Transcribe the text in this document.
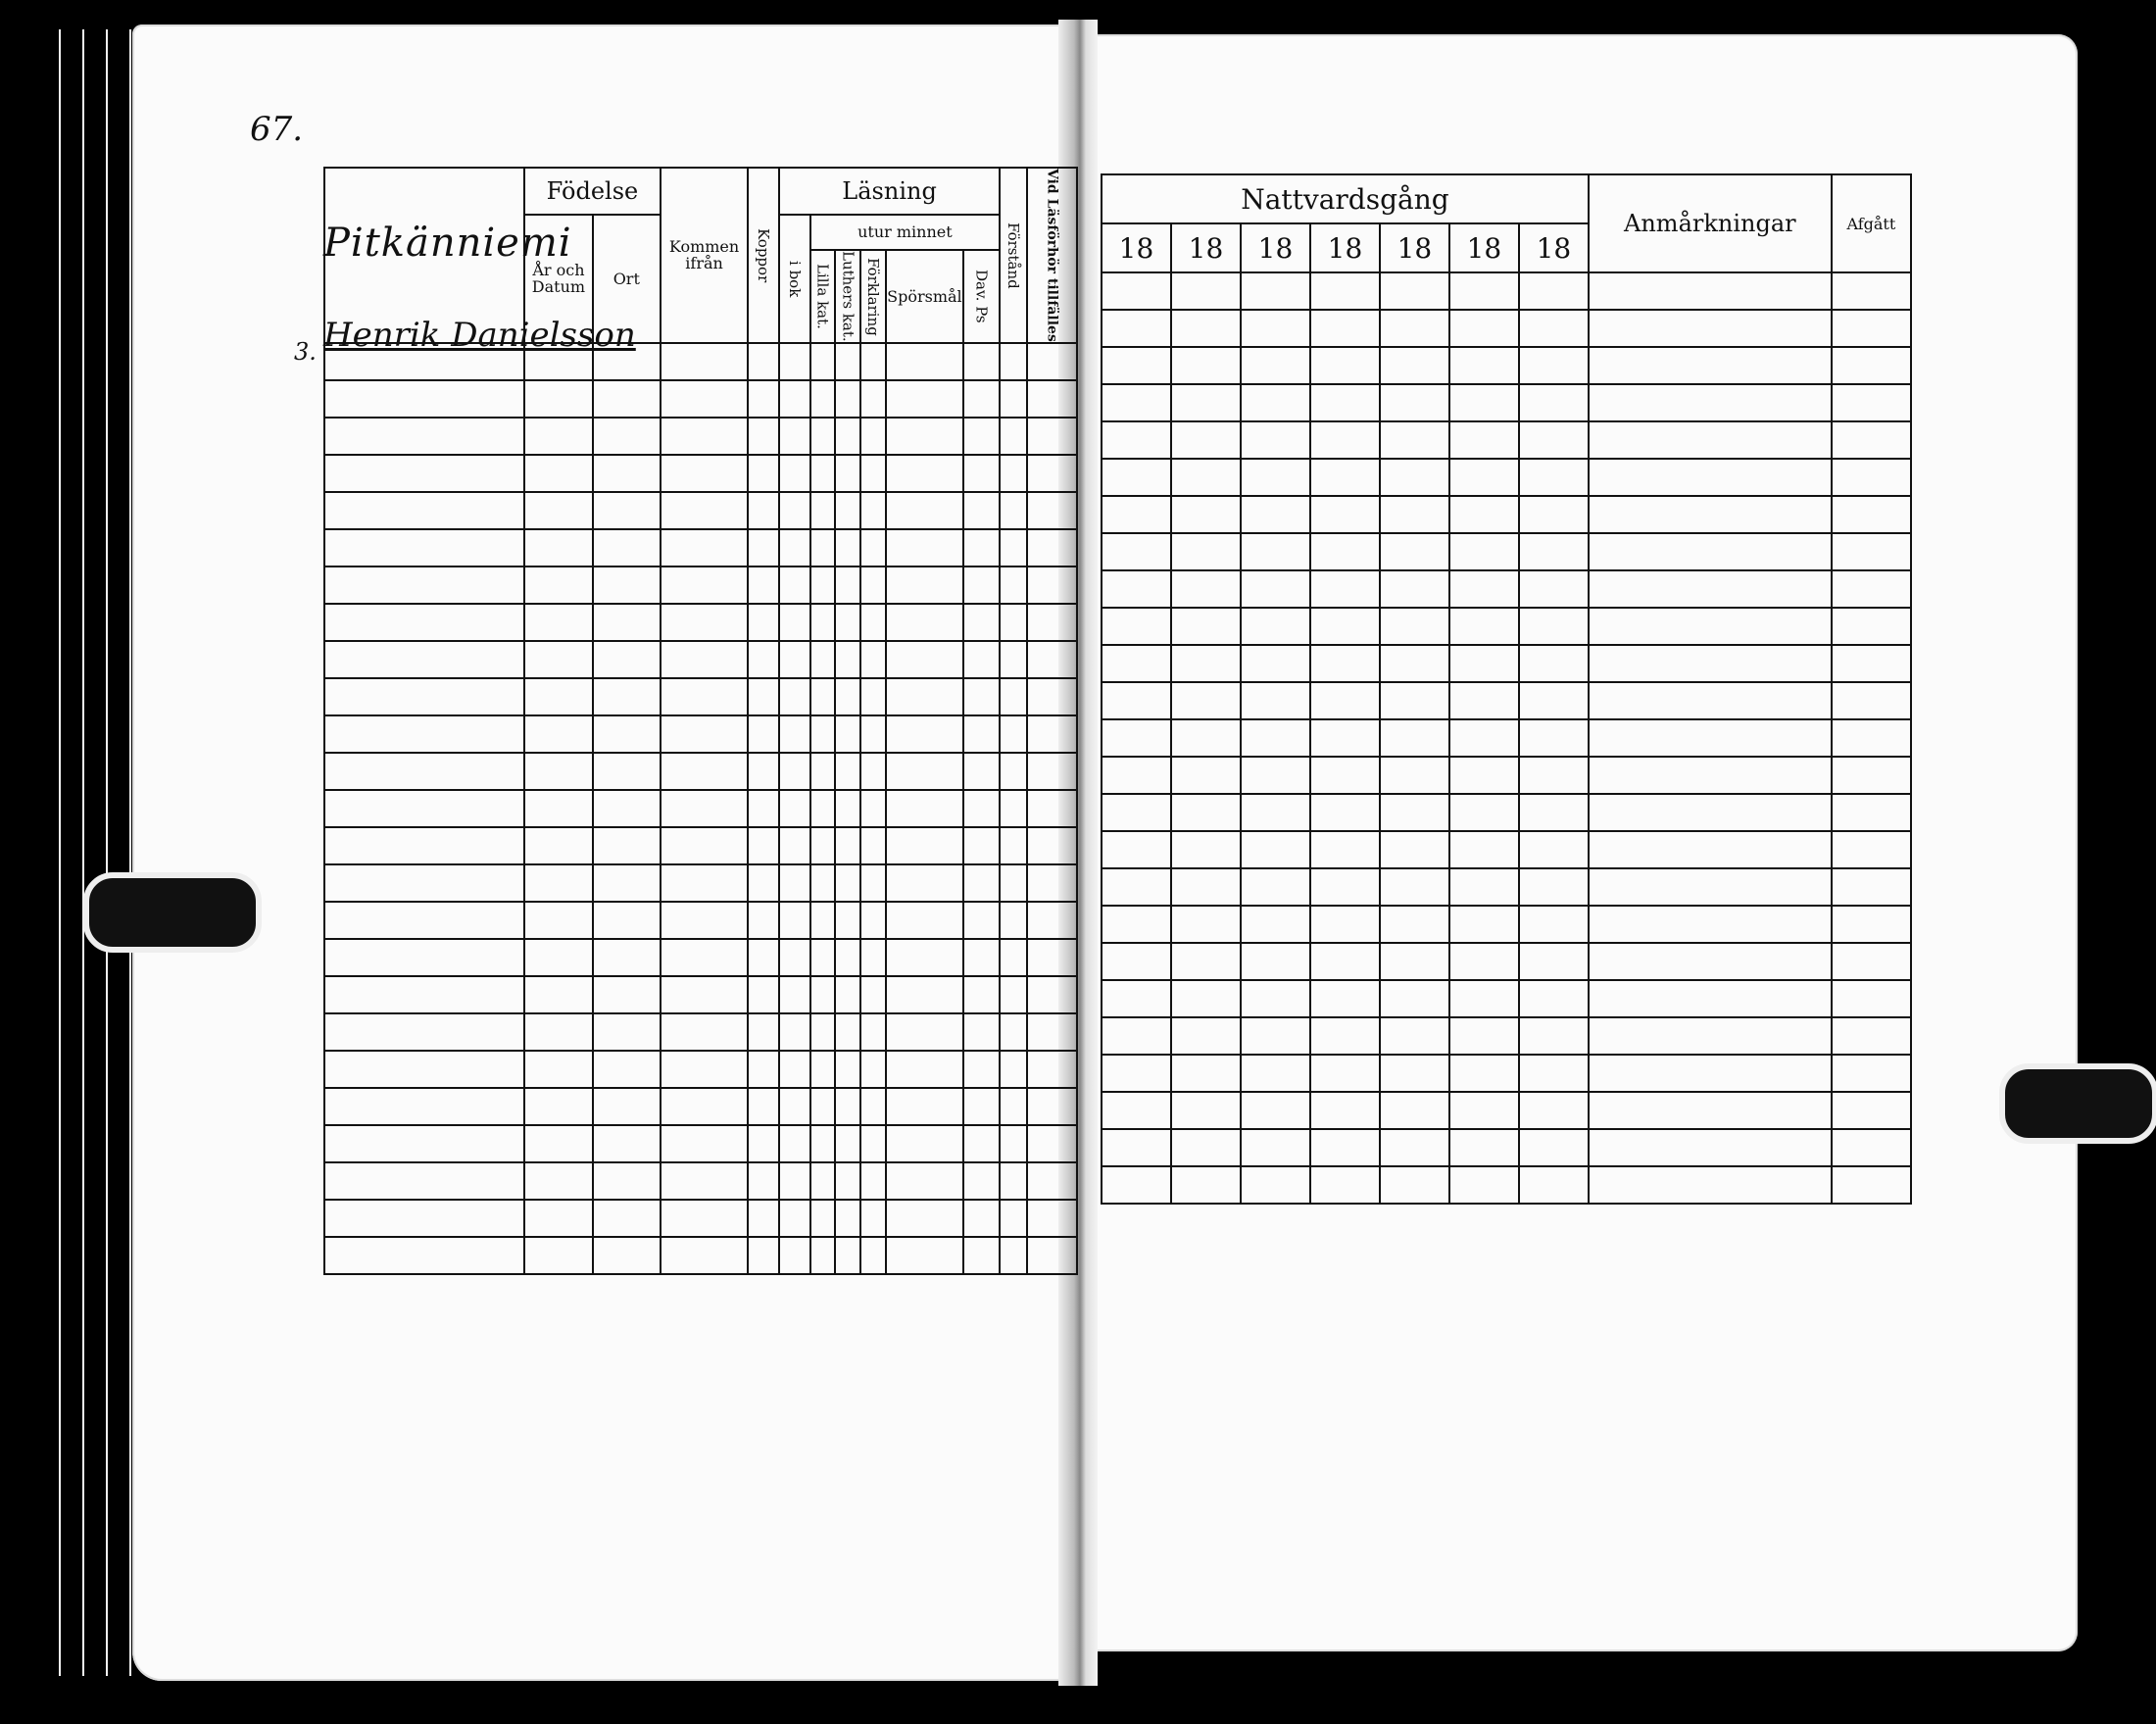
67.
	Födelse		Kommen ifrån	Koppor	Läsning						Förstånd	Vid Läsförhör tillfälles

	År och Datum	Ort			i bok	utur minnet						

						Lilla kat.	Luthers kat.	Förklaring	Spörsmål	Dav. Ps		

Nattvardsgång							Anmårkningar	Afgått
18	18	18	18	18	18	18		

Pitkänniemi
3. Henrik Danielsson
